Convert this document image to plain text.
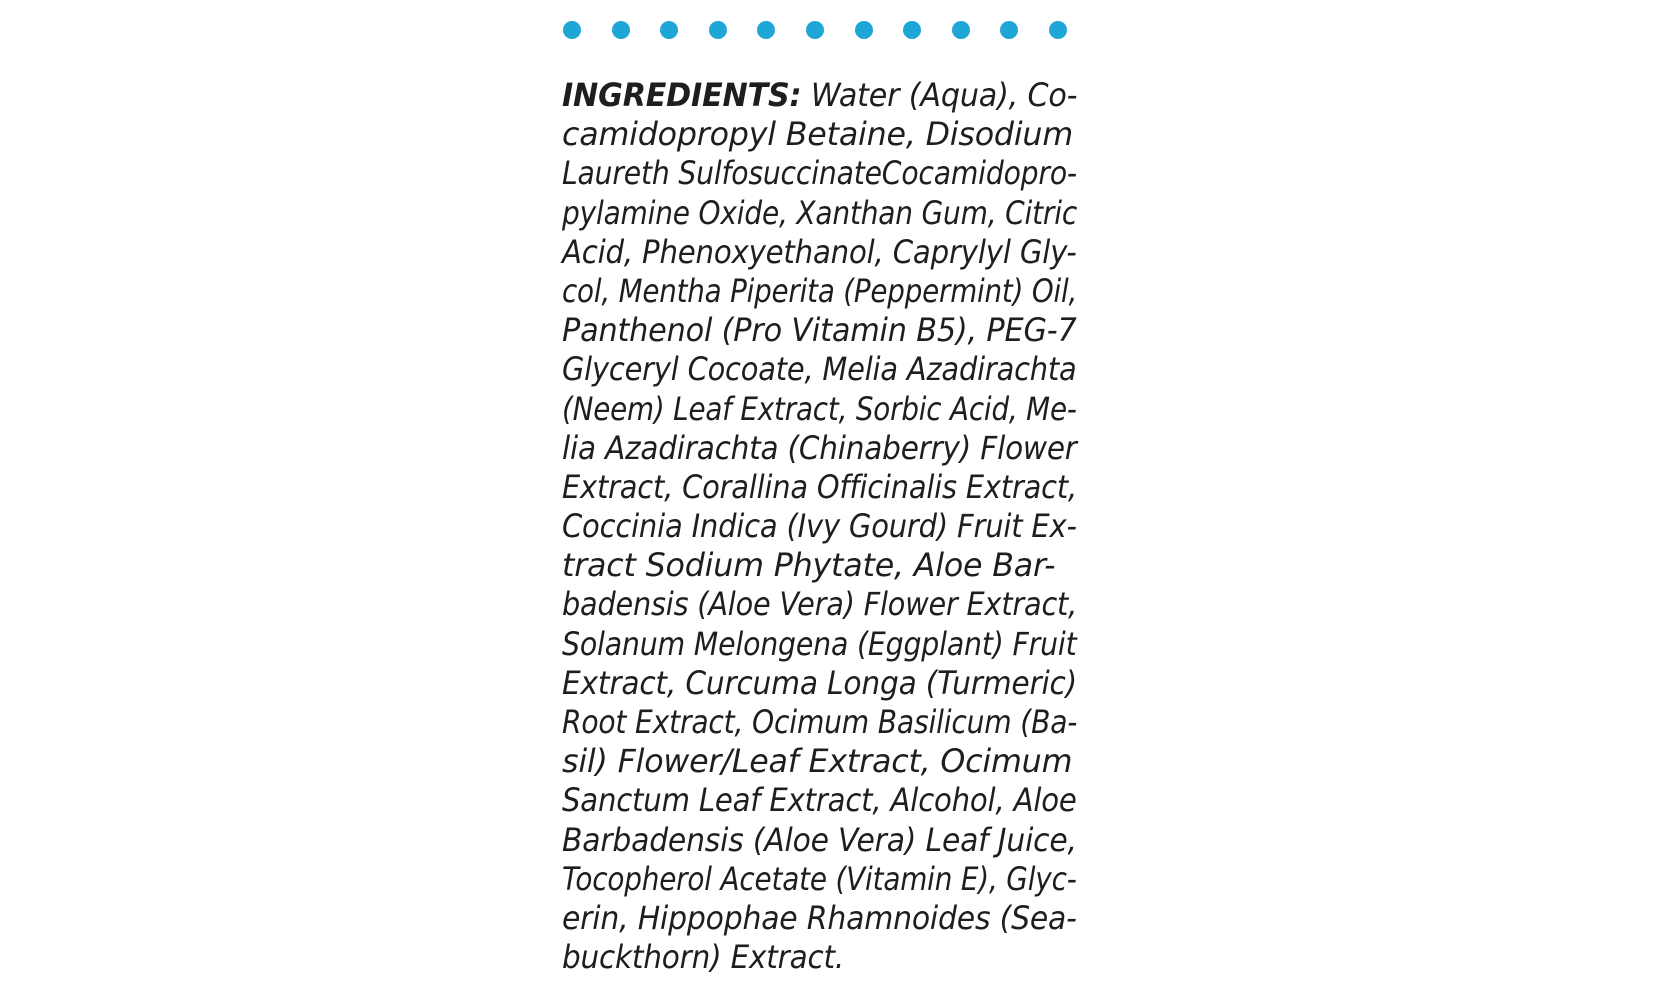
INGREDIENTS: Water (Aqua), Co-
camidopropyl Betaine, Disodium
Laureth SulfosuccinateCocamidopro-
pylamine Oxide, Xanthan Gum, Citric
Acid, Phenoxyethanol, Caprylyl Gly-
col, Mentha Piperita (Peppermint) Oil,
Panthenol (Pro Vitamin B5), PEG-7
Glyceryl Cocoate, Melia Azadirachta
(Neem) Leaf Extract, Sorbic Acid, Me-
lia Azadirachta (Chinaberry) Flower
Extract, Corallina Officinalis Extract,
Coccinia Indica (Ivy Gourd) Fruit Ex-
tract Sodium Phytate, Aloe Bar-
badensis (Aloe Vera) Flower Extract,
Solanum Melongena (Eggplant) Fruit
Extract, Curcuma Longa (Turmeric)
Root Extract, Ocimum Basilicum (Ba-
sil) Flower/Leaf Extract, Ocimum
Sanctum Leaf Extract, Alcohol, Aloe
Barbadensis (Aloe Vera) Leaf Juice,
Tocopherol Acetate (Vitamin E), Glyc-
erin, Hippophae Rhamnoides (Sea-
buckthorn) Extract.
